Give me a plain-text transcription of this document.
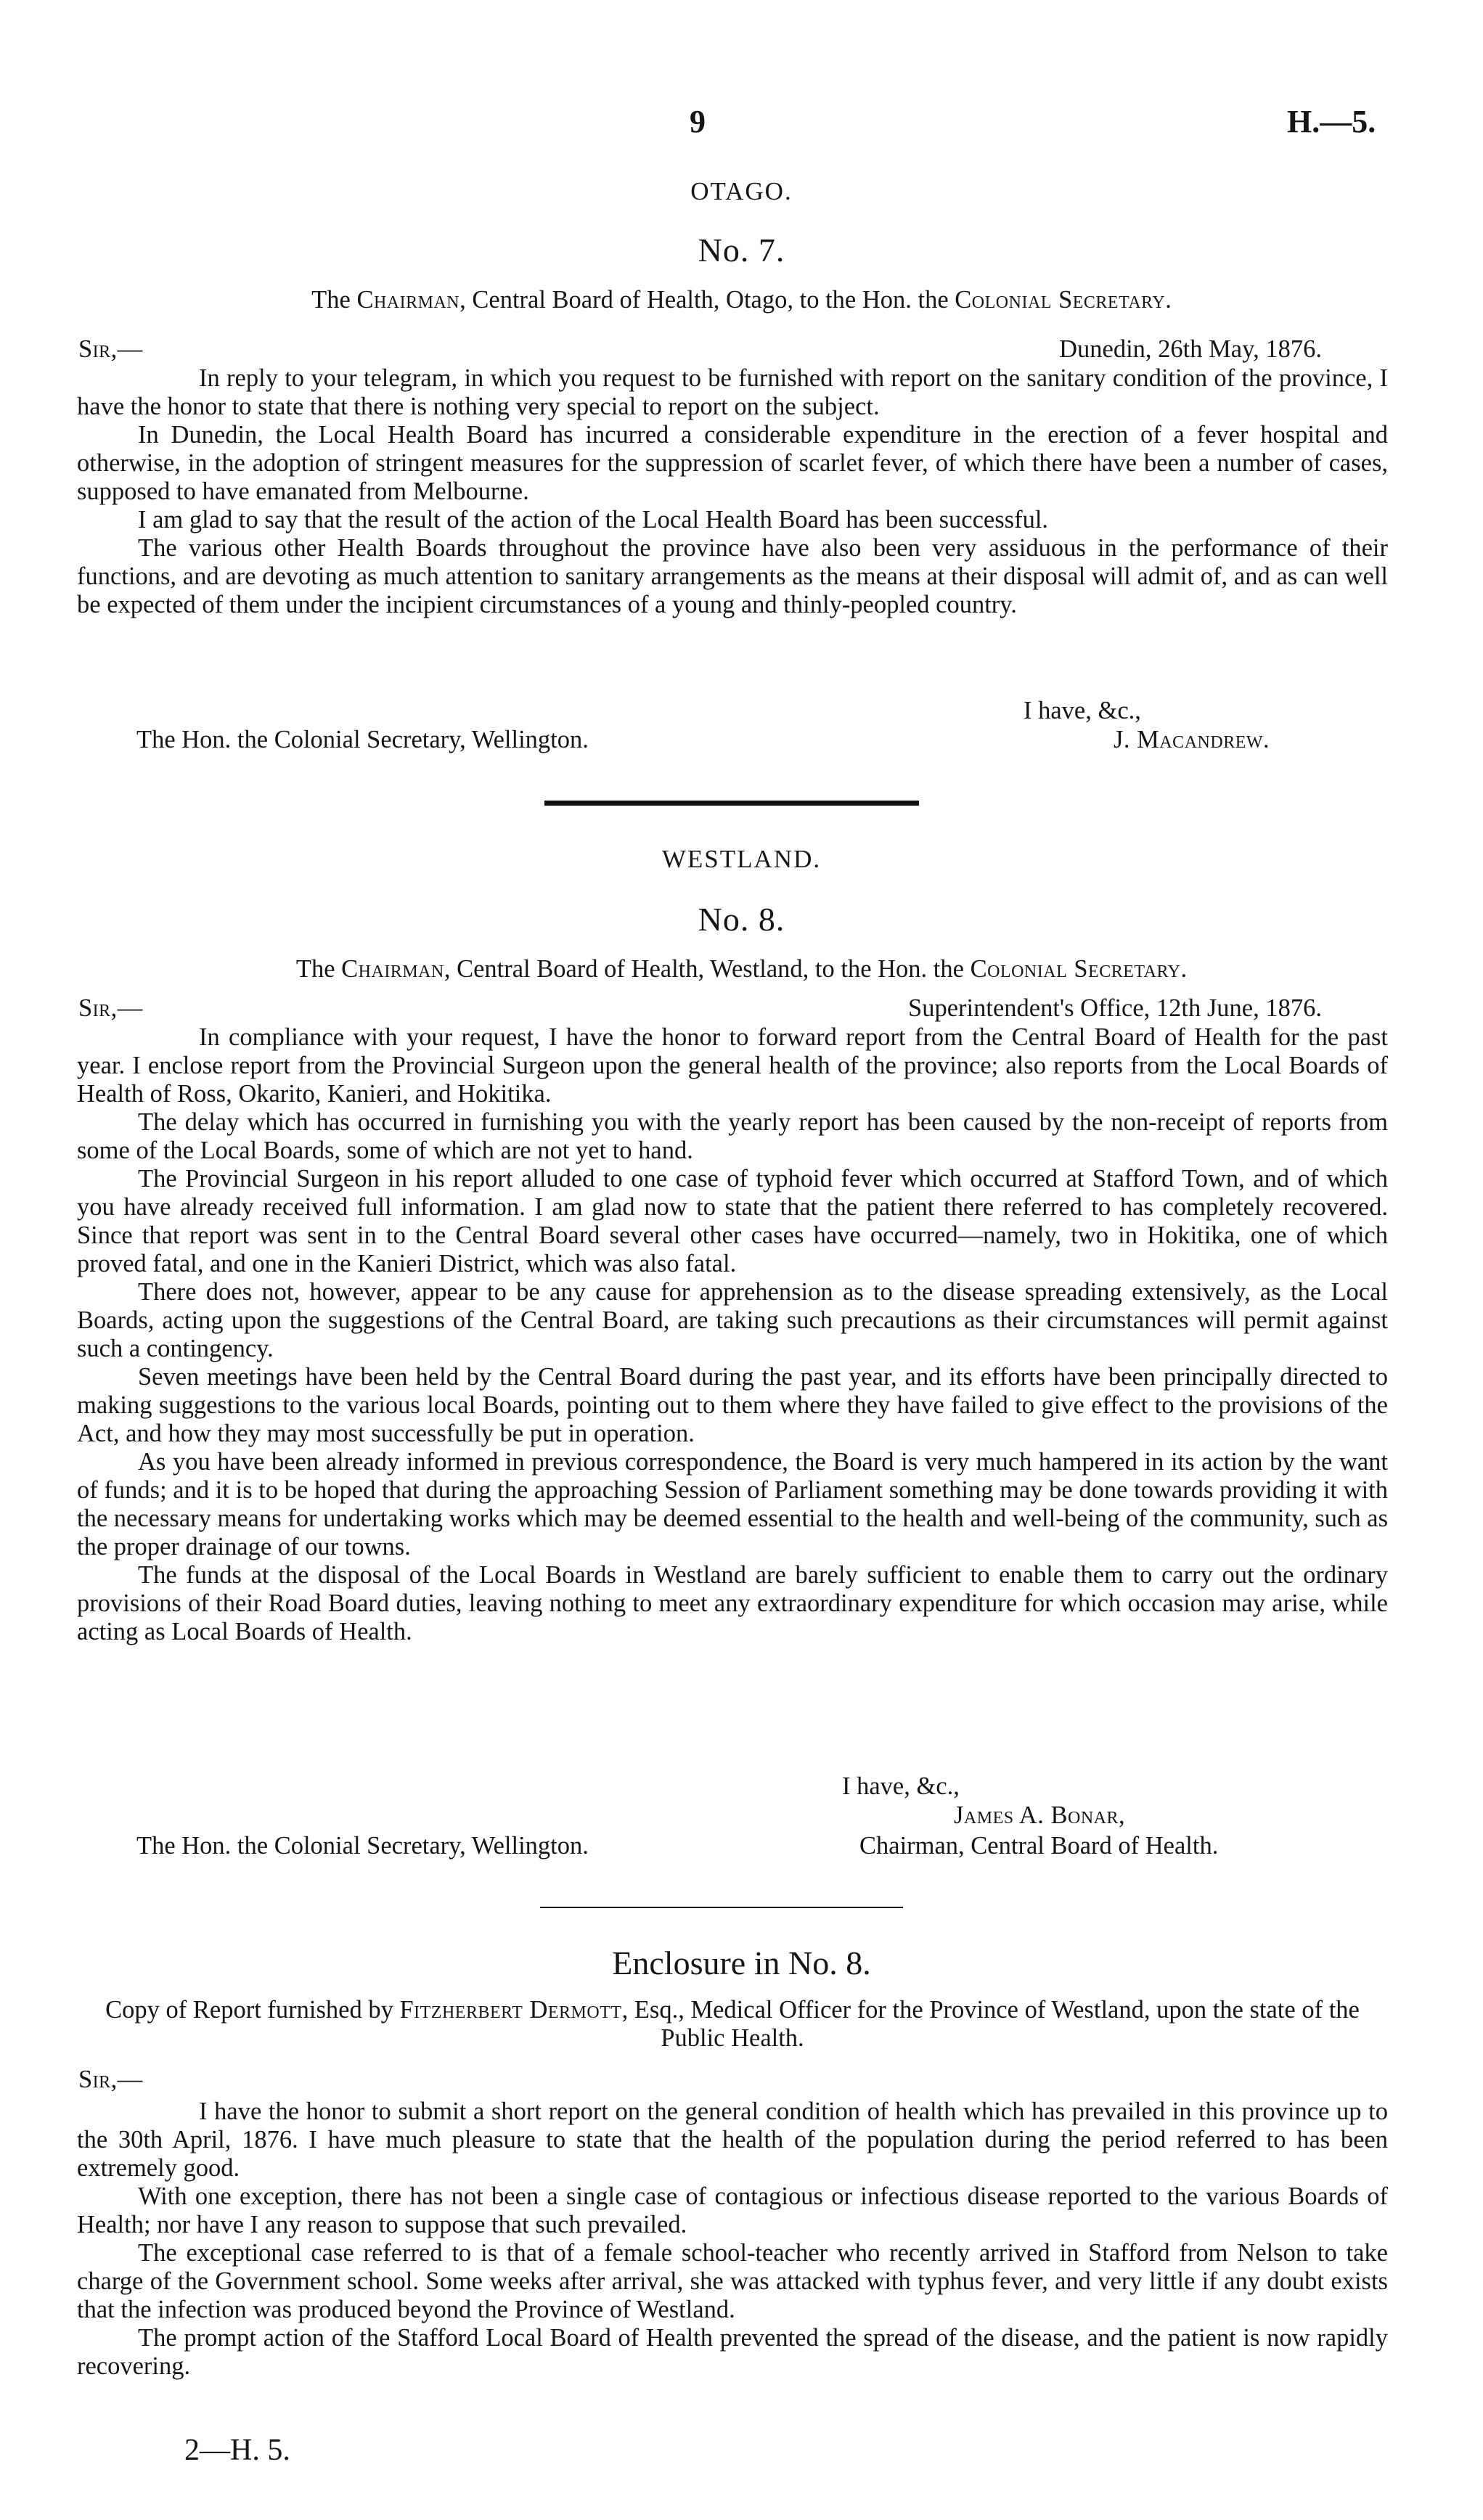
9	H.—5.
OTAGO.
No. 7.
The Chairman, Central Board of Health, Otago, to the Hon. the Colonial Secretary.
Sir,—	Dunedin, 26th May, 1876.

In reply to your telegram, in which you request to be furnished with report on the sanitary condition of the province, I have the honor to state that there is nothing very special to report on the subject.

In Dunedin, the Local Health Board has incurred a considerable expenditure in the erection of a fever hospital and otherwise, in the adoption of stringent measures for the suppression of scarlet fever, of which there have been a number of cases, supposed to have emanated from Melbourne.

I am glad to say that the result of the action of the Local Health Board has been successful.

The various other Health Boards throughout the province have also been very assiduous in the performance of their functions, and are devoting as much attention to sanitary arrangements as the means at their disposal will admit of, and as can well be expected of them under the incipient circumstances of a young and thinly-peopled country.

I have, &c.,
The Hon. the Colonial Secretary, Wellington.	J. Macandrew.
WESTLAND.
No. 8.
The Chairman, Central Board of Health, Westland, to the Hon. the Colonial Secretary.
Sir,—	Superintendent's Office, 12th June, 1876.

In compliance with your request, I have the honor to forward report from the Central Board of Health for the past year. I enclose report from the Provincial Surgeon upon the general health of the province; also reports from the Local Boards of Health of Ross, Okarito, Kanieri, and Hokitika.

The delay which has occurred in furnishing you with the yearly report has been caused by the non-receipt of reports from some of the Local Boards, some of which are not yet to hand.

The Provincial Surgeon in his report alluded to one case of typhoid fever which occurred at Stafford Town, and of which you have already received full information. I am glad now to state that the patient there referred to has completely recovered. Since that report was sent in to the Central Board several other cases have occurred—namely, two in Hokitika, one of which proved fatal, and one in the Kanieri District, which was also fatal.

There does not, however, appear to be any cause for apprehension as to the disease spreading extensively, as the Local Boards, acting upon the suggestions of the Central Board, are taking such precautions as their circumstances will permit against such a contingency.

Seven meetings have been held by the Central Board during the past year, and its efforts have been principally directed to making suggestions to the various local Boards, pointing out to them where they have failed to give effect to the provisions of the Act, and how they may most successfully be put in operation.

As you have been already informed in previous correspondence, the Board is very much hampered in its action by the want of funds; and it is to be hoped that during the approaching Session of Parliament something may be done towards providing it with the necessary means for undertaking works which may be deemed essential to the health and well-being of the community, such as the proper drainage of our towns.

The funds at the disposal of the Local Boards in Westland are barely sufficient to enable them to carry out the ordinary provisions of their Road Board duties, leaving nothing to meet any extraordinary expenditure for which occasion may arise, while acting as Local Boards of Health.

I have, &c.,
James A. Bonar,
The Hon. the Colonial Secretary, Wellington.	Chairman, Central Board of Health.
Enclosure in No. 8.
Copy of Report furnished by Fitzherbert Dermott, Esq., Medical Officer for the Province of Westland, upon the state of the Public Health.
Sir,—

I have the honor to submit a short report on the general condition of health which has prevailed in this province up to the 30th April, 1876. I have much pleasure to state that the health of the population during the period referred to has been extremely good.

With one exception, there has not been a single case of contagious or infectious disease reported to the various Boards of Health; nor have I any reason to suppose that such prevailed.

The exceptional case referred to is that of a female school-teacher who recently arrived in Stafford from Nelson to take charge of the Government school. Some weeks after arrival, she was attacked with typhus fever, and very little if any doubt exists that the infection was produced beyond the Province of Westland.

The prompt action of the Stafford Local Board of Health prevented the spread of the disease, and the patient is now rapidly recovering.

2—H. 5.
